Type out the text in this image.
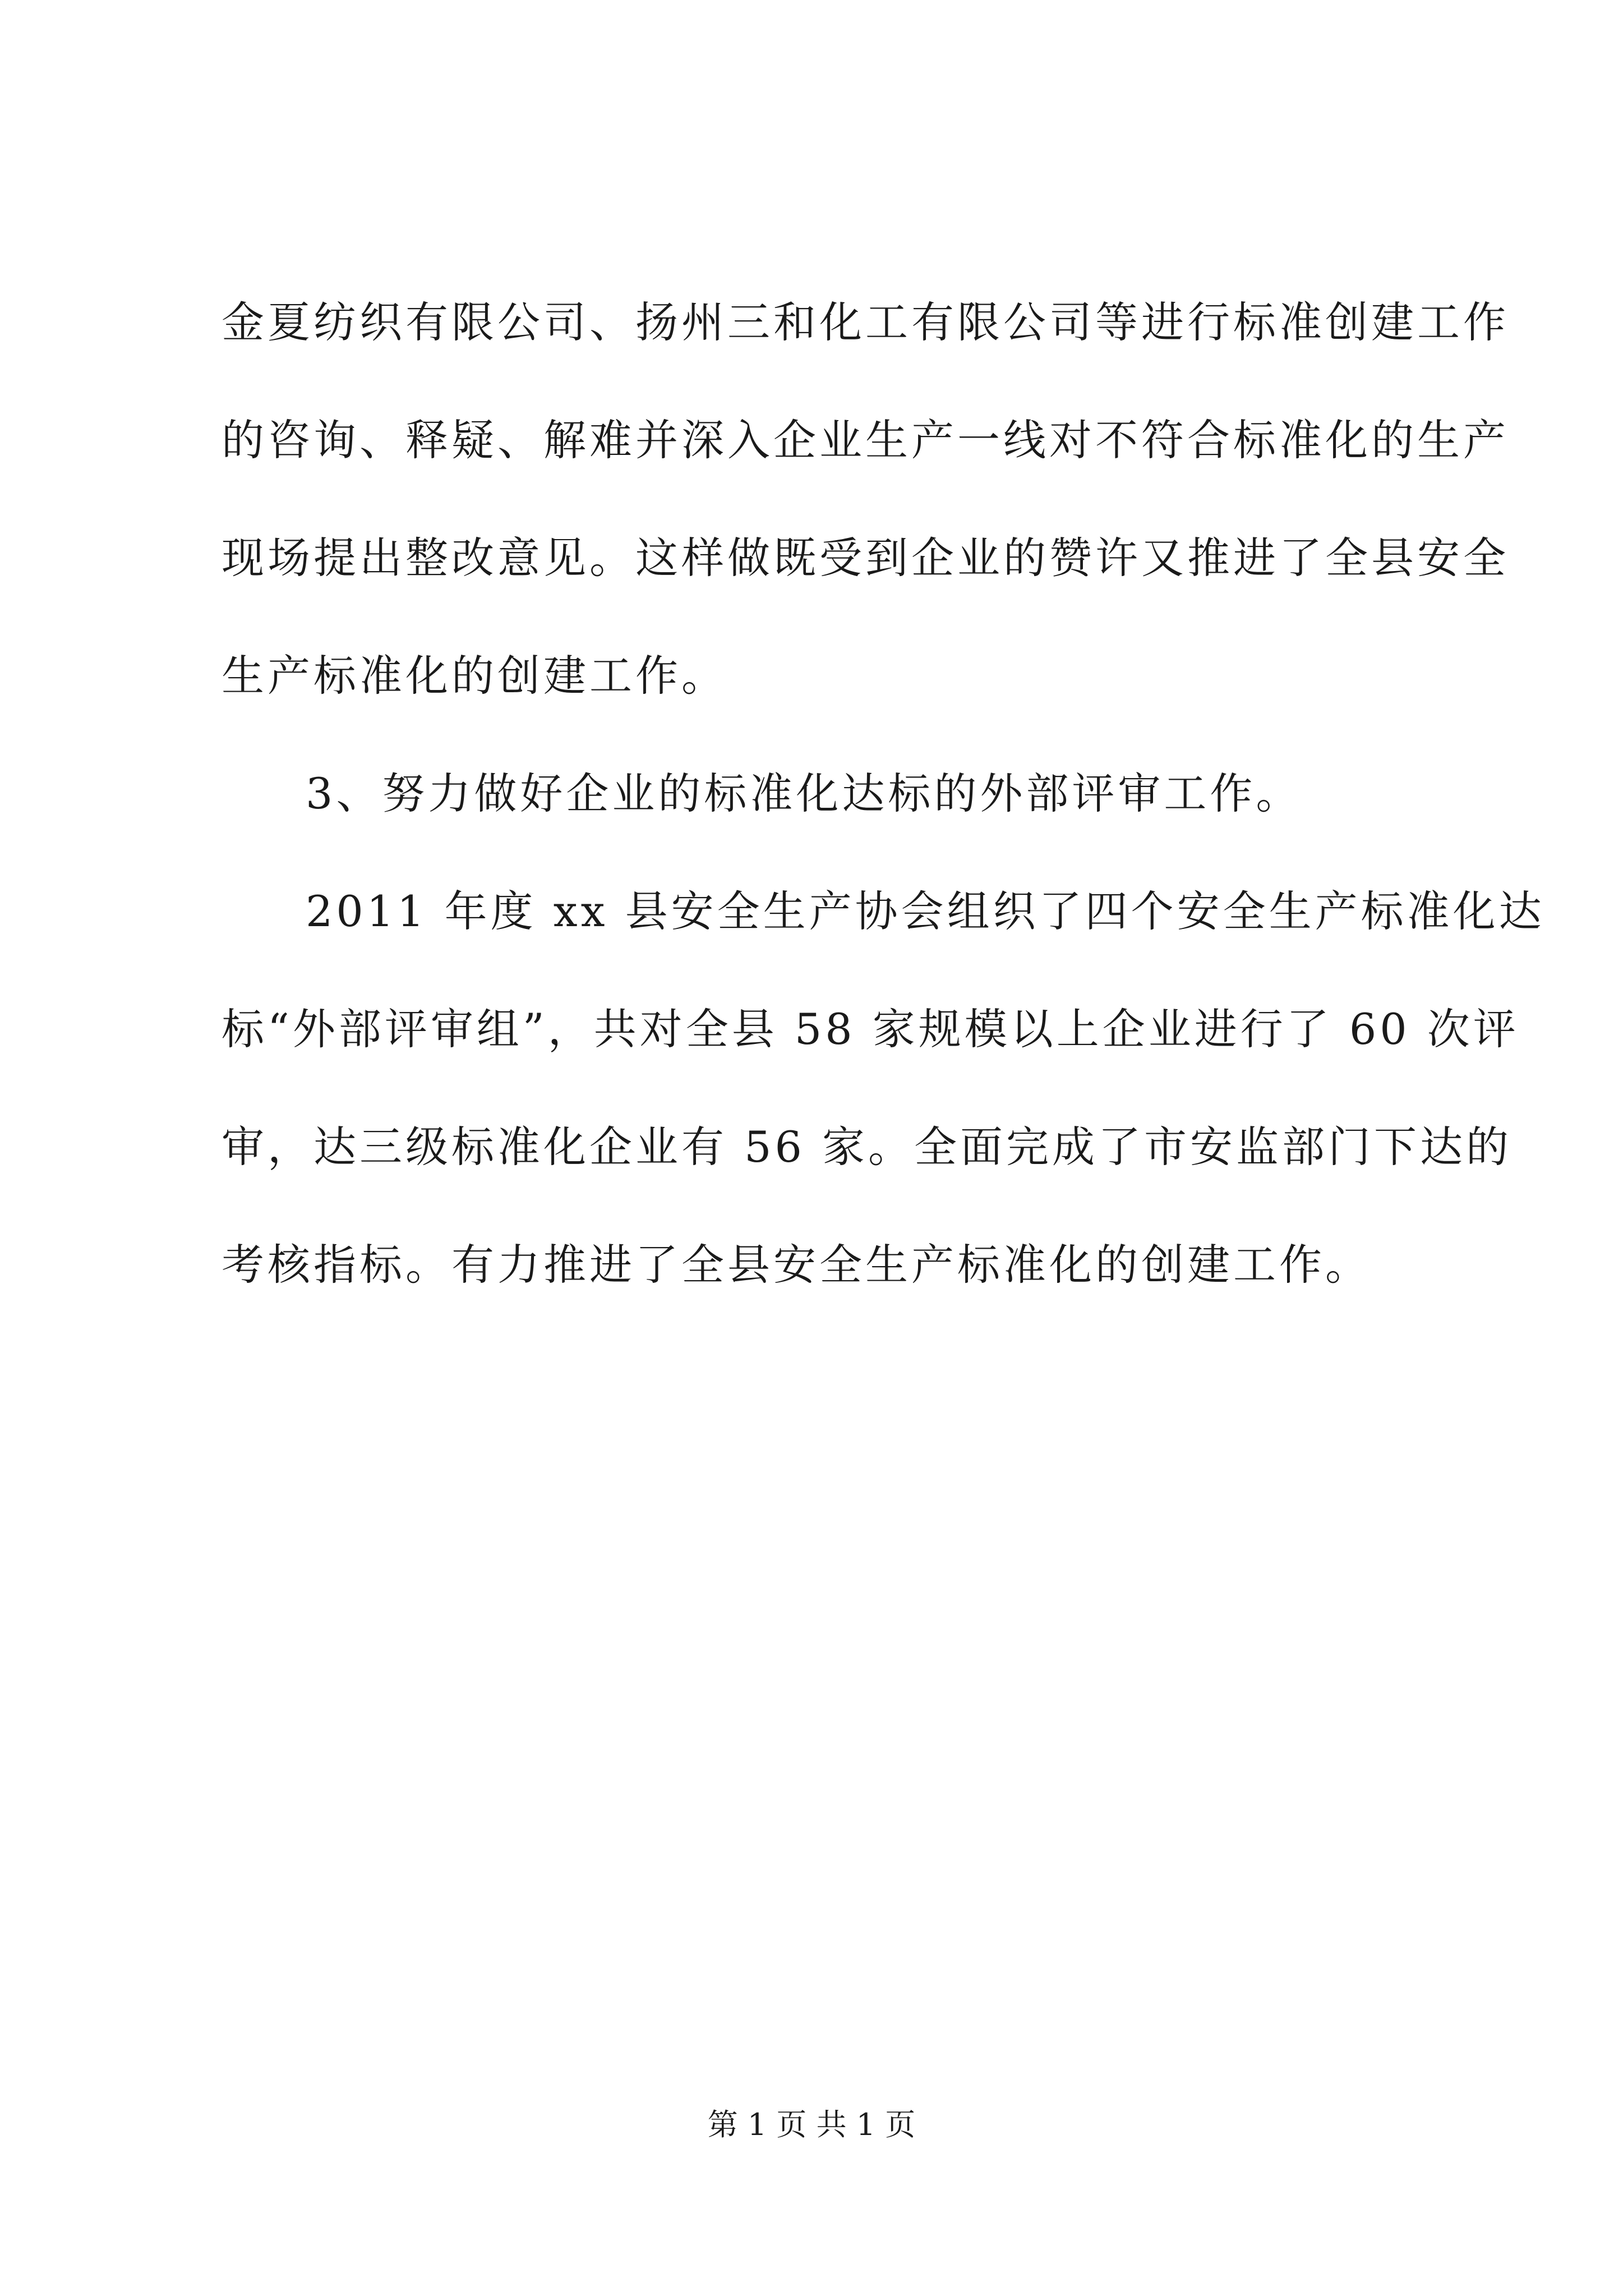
金夏纺织有限公司、扬州三和化工有限公司等进行标准创建工作
的咨询、释疑、解难并深入企业生产一线对不符合标准化的生产
现场提出整改意见。这样做既受到企业的赞许又推进了全县安全
生产标准化的创建工作。
3、努力做好企业的标准化达标的外部评审工作。
2011 年度 xx 县安全生产协会组织了四个安全生产标准化达
标“外部评审组”，共对全县 58 家规模以上企业进行了 60 次评
审，达三级标准化企业有 56 家。全面完成了市安监部门下达的
考核指标。有力推进了全县安全生产标准化的创建工作。
第 1 页 共 1 页
